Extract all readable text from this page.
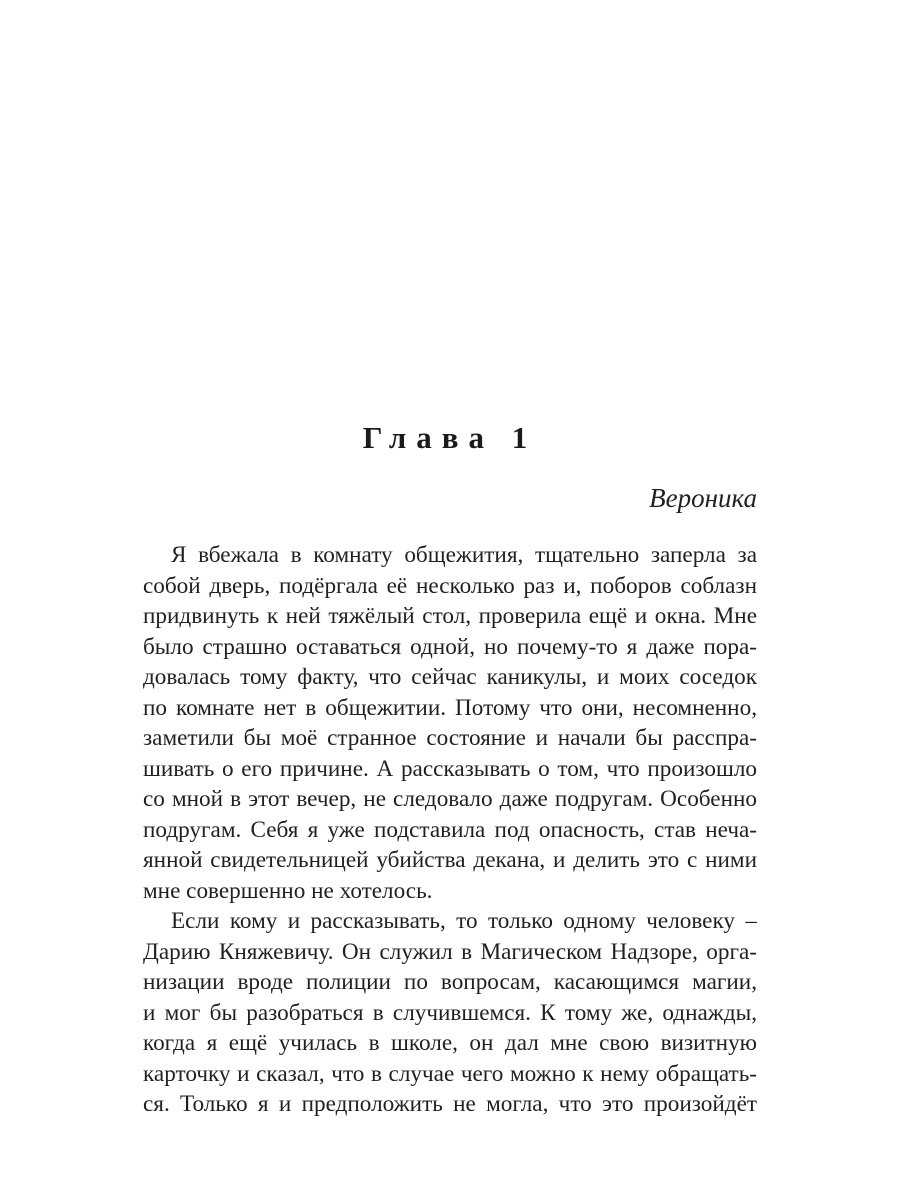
Глава 1
Вероника
Я вбежала в комнату общежития, тщательно заперла за
собой дверь, подёргала её несколько раз и, поборов соблазн
придвинуть к ней тяжёлый стол, проверила ещё и окна. Мне
было страшно оставаться одной, но почему-то я даже пора-
довалась тому факту, что сейчас каникулы, и моих соседок
по комнате нет в общежитии. Потому что они, несомненно,
заметили бы моё странное состояние и начали бы расспра-
шивать о его причине. А рассказывать о том, что произошло
со мной в этот вечер, не следовало даже подругам. Особенно
подругам. Себя я уже подставила под опасность, став неча-
янной свидетельницей убийства декана, и делить это с ними
мне совершенно не хотелось.
Если кому и рассказывать, то только одному человеку –
Дарию Княжевичу. Он служил в Магическом Надзоре, орга-
низации вроде полиции по вопросам, касающимся магии,
и мог бы разобраться в случившемся. К тому же, однажды,
когда я ещё училась в школе, он дал мне свою визитную
карточку и сказал, что в случае чего можно к нему обращать-
ся. Только я и предположить не могла, что это произойдёт
